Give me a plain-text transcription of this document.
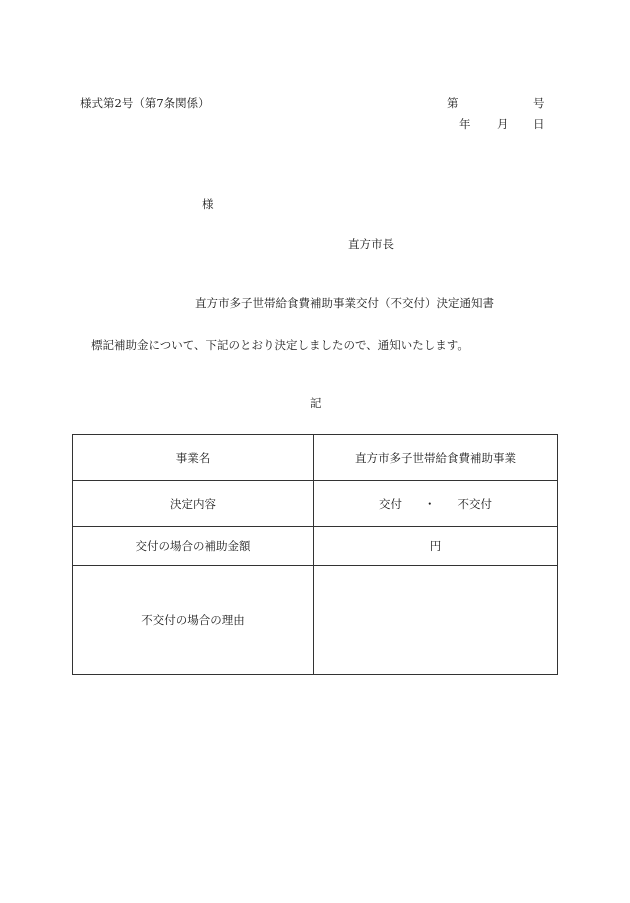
様式第2号（第7条関係）	第	号
年 月 日
様
直方市長
直方市多子世帯給食費補助事業交付（不交付）決定通知書
標記補助金について、下記のとおり決定しましたので、通知いたします。
記
事業名	直方市多子世帯給食費補助事業
決定内容	交付 ・ 不交付
交付の場合の補助金額	円
不交付の場合の理由	
